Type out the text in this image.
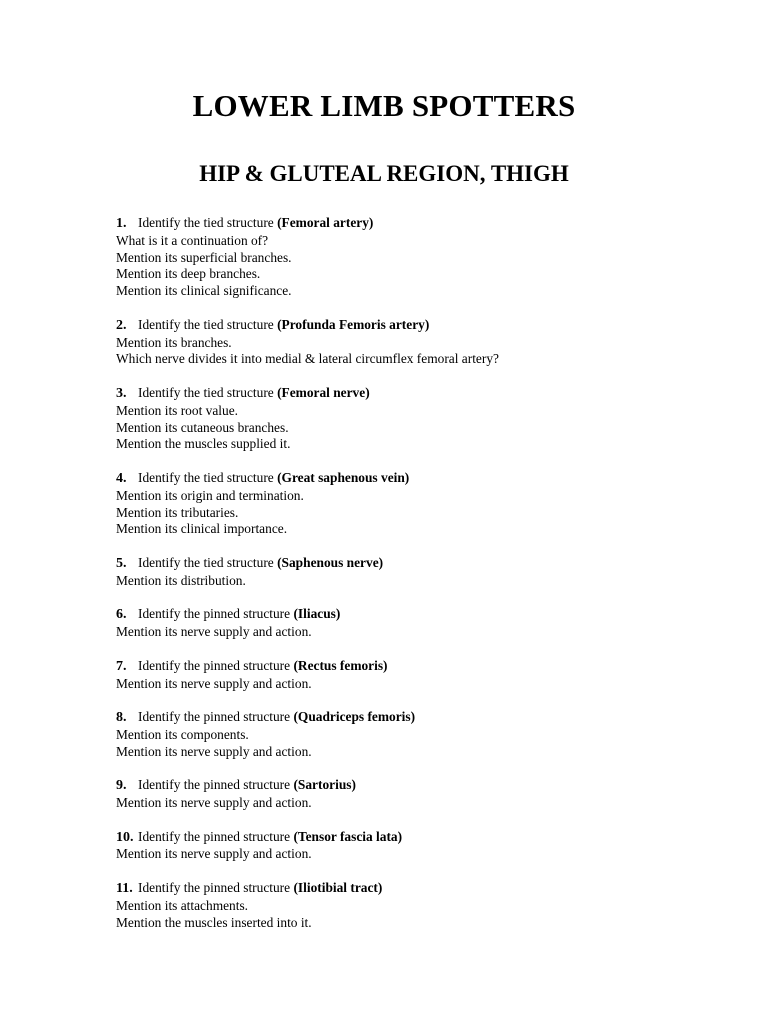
LOWER LIMB SPOTTERS
HIP & GLUTEAL REGION, THIGH
1. Identify the tied structure (Femoral artery)
What is it a continuation of?
Mention its superficial branches.
Mention its deep branches.
Mention its clinical significance.
2. Identify the tied structure (Profunda Femoris artery)
Mention its branches.
Which nerve divides it into medial & lateral circumflex femoral artery?
3. Identify the tied structure (Femoral nerve)
Mention its root value.
Mention its cutaneous branches.
Mention the muscles supplied it.
4. Identify the tied structure (Great saphenous vein)
Mention its origin and termination.
Mention its tributaries.
Mention its clinical importance.
5. Identify the tied structure (Saphenous nerve)
Mention its distribution.
6. Identify the pinned structure (Iliacus)
Mention its nerve supply and action.
7. Identify the pinned structure (Rectus femoris)
Mention its nerve supply and action.
8. Identify the pinned structure (Quadriceps femoris)
Mention its components.
Mention its nerve supply and action.
9. Identify the pinned structure (Sartorius)
Mention its nerve supply and action.
10. Identify the pinned structure (Tensor fascia lata)
Mention its nerve supply and action.
11. Identify the pinned structure (Iliotibial tract)
Mention its attachments.
Mention the muscles inserted into it.
